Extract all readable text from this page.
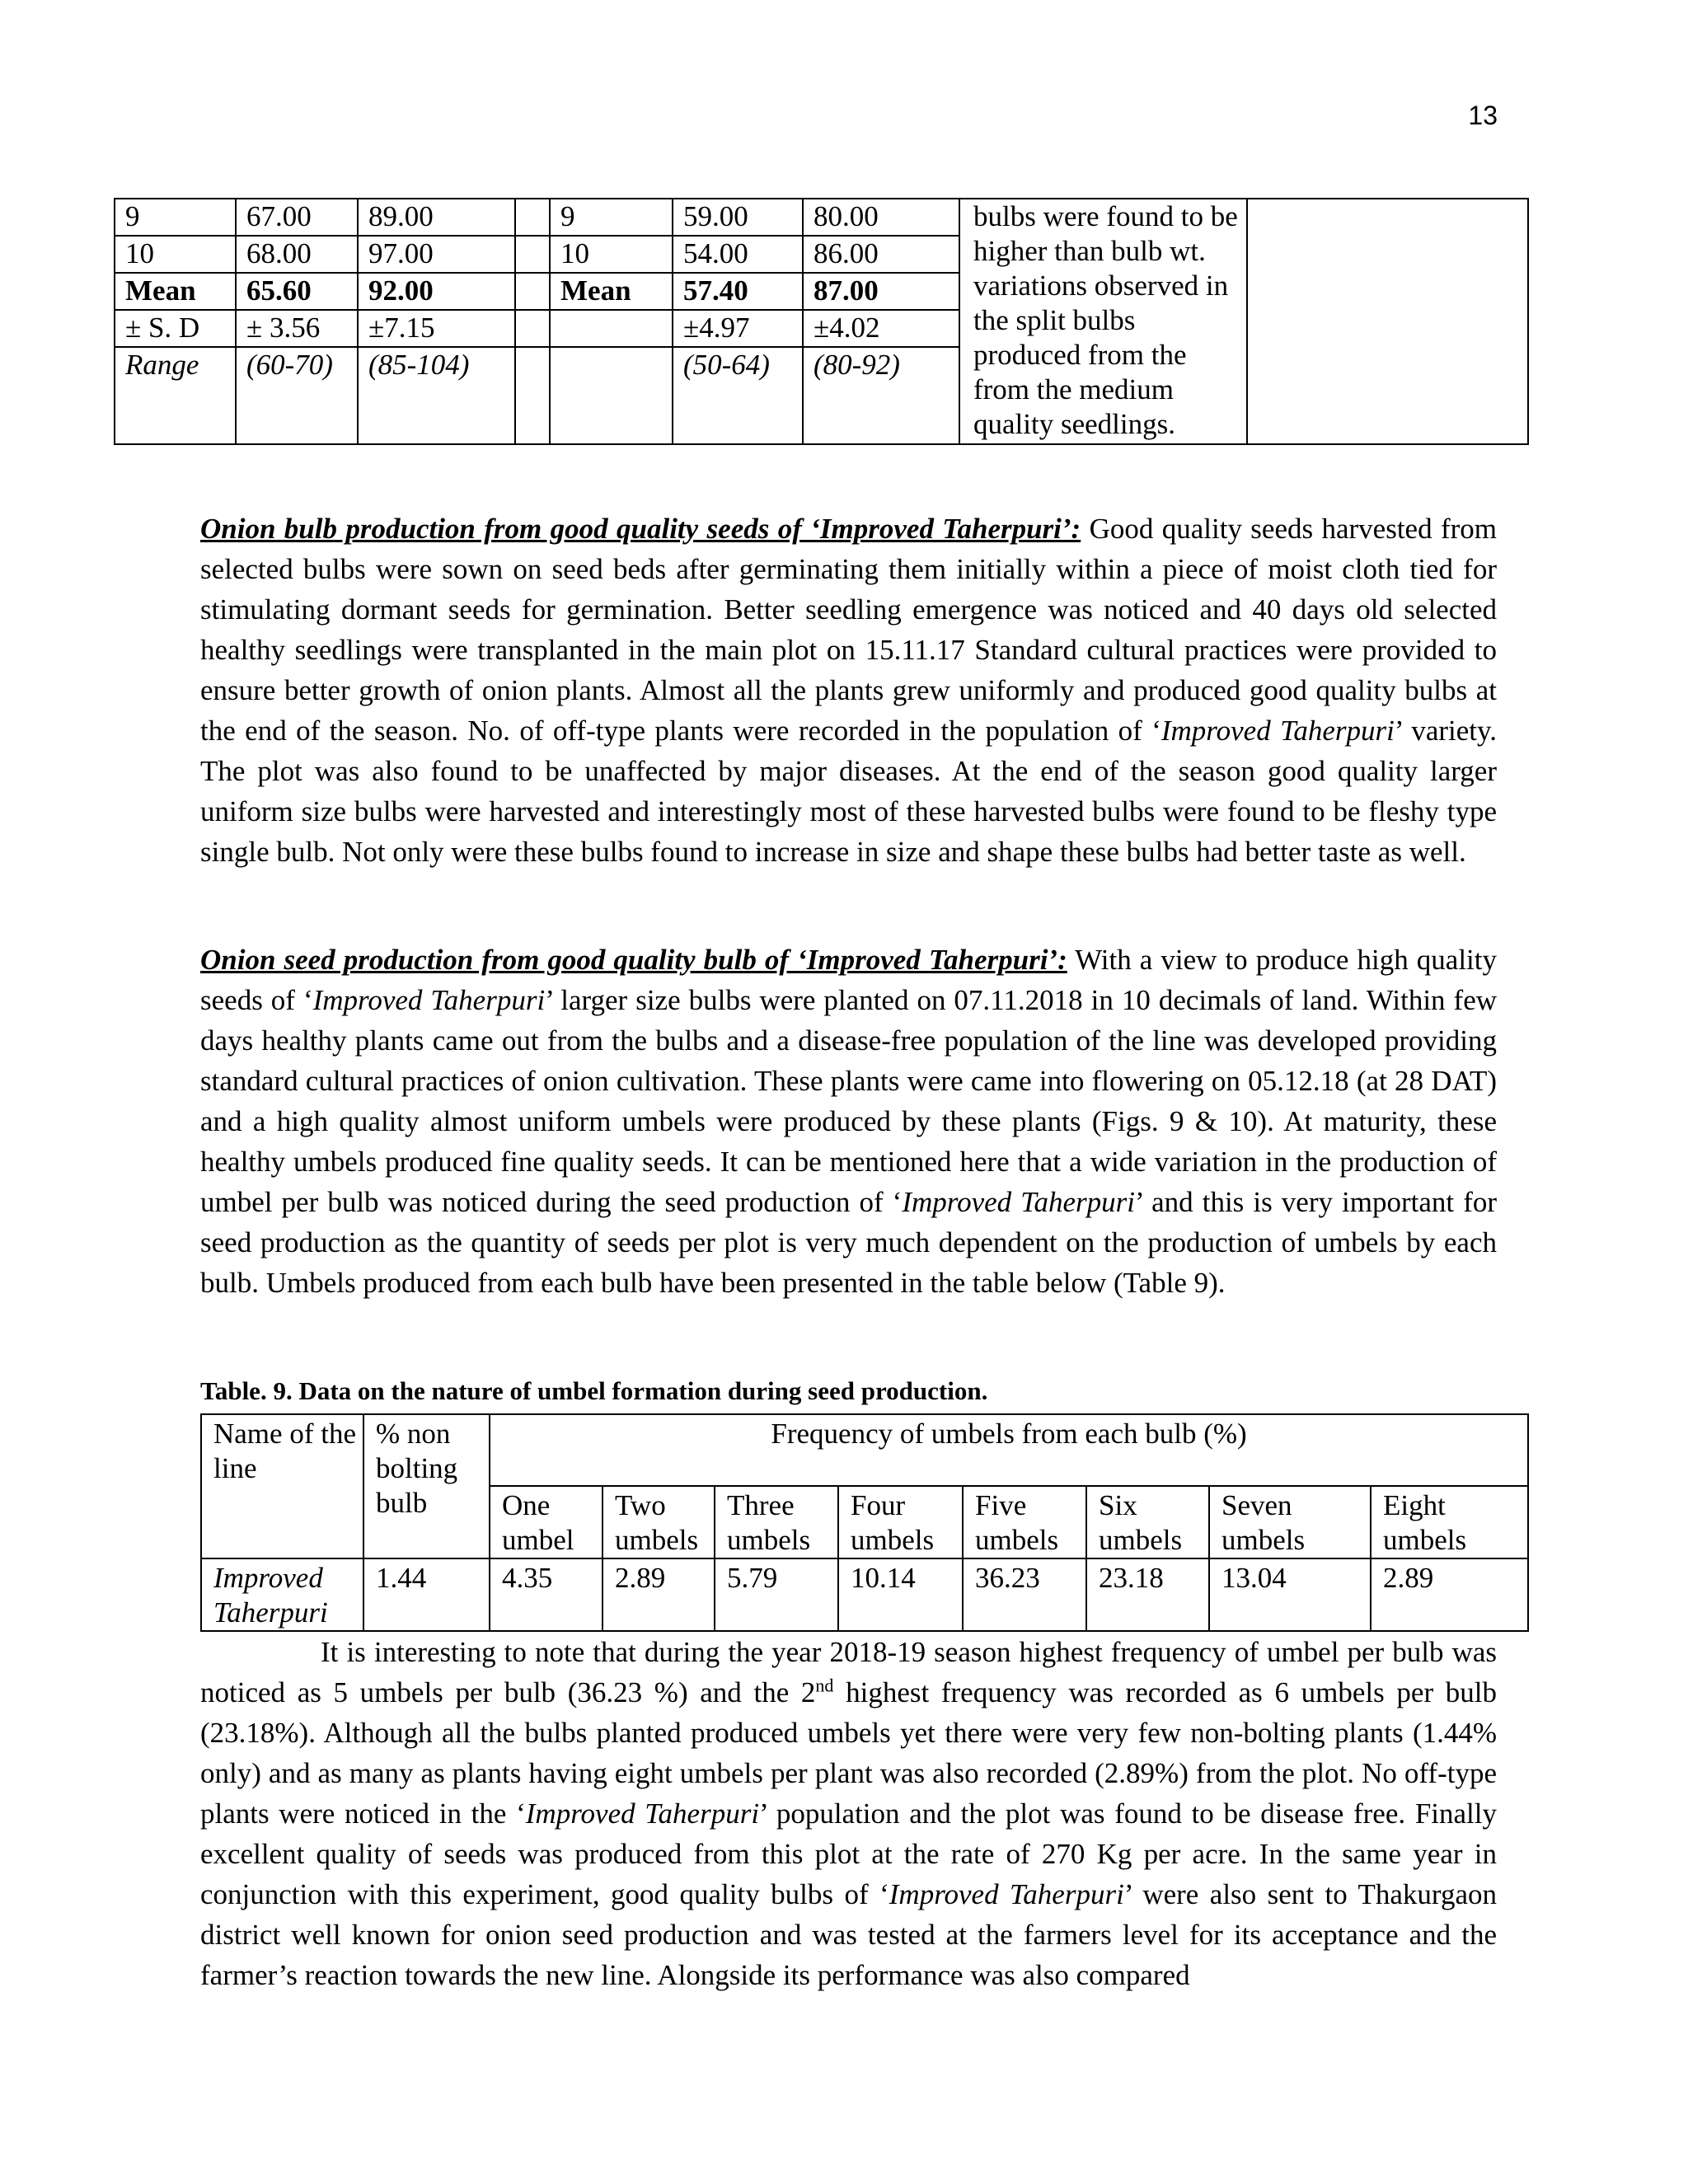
13
9	67.00	89.00		9	59.00	80.00	bulbs were found to be higher than bulb wt. variations observed in the split bulbs produced from the from the medium quality seedlings.	
10	68.00	97.00		10	54.00	86.00		
Mean	65.60	92.00		Mean	57.40	87.00		
± S. D	± 3.56	±7.15			±4.97	±4.02		
Range	(60-70)	(85-104)			(50-64)	(80-92)		

Onion bulb production from good quality seeds of ‘Improved Taherpuri’: Good quality seeds harvested from selected bulbs were sown on seed beds after germinating them initially within a piece of moist cloth tied for stimulating dormant seeds for germination. Better seedling emergence was noticed and 40 days old selected healthy seedlings were transplanted in the main plot on 15.11.17 Standard cultural practices were provided to ensure better growth of onion plants. Almost all the plants grew uniformly and produced good quality bulbs at the end of the season. No. of off-type plants were recorded in the population of ‘Improved Taherpuri’ variety. The plot was also found to be unaffected by major diseases. At the end of the season good quality larger uniform size bulbs were harvested and interestingly most of these harvested bulbs were found to be fleshy type single bulb. Not only were these bulbs found to increase in size and shape these bulbs had better taste as well.

Onion seed production from good quality bulb of ‘Improved Taherpuri’: With a view to produce high quality seeds of ‘Improved Taherpuri’ larger size bulbs were planted on 07.11.2018 in 10 decimals of land. Within few days healthy plants came out from the bulbs and a disease-free population of the line was developed providing standard cultural practices of onion cultivation. These plants were came into flowering on 05.12.18 (at 28 DAT) and a high quality almost uniform umbels were produced by these plants (Figs. 9 & 10). At maturity, these healthy umbels produced fine quality seeds. It can be mentioned here that a wide variation in the production of umbel per bulb was noticed during the seed production of ‘Improved Taherpuri’ and this is very important for seed production as the quantity of seeds per plot is very much dependent on the production of umbels by each bulb. Umbels produced from each bulb have been presented in the table below (Table 9).

Table. 9. Data on the nature of umbel formation during seed production.
Name of the line	% non bolting bulb	Frequency of umbels from each bulb (%)							
		One umbel	Two umbels	Three umbels	Four umbels	Five umbels	Six umbels	Seven umbels	Eight umbels
Improved Taherpuri	1.44	4.35	2.89	5.79	10.14	36.23	23.18	13.04	2.89

It is interesting to note that during the year 2018-19 season highest frequency of umbel per bulb was noticed as 5 umbels per bulb (36.23 %) and the 2nd highest frequency was recorded as 6 umbels per bulb (23.18%). Although all the bulbs planted produced umbels yet there were very few non-bolting plants (1.44% only) and as many as plants having eight umbels per plant was also recorded (2.89%) from the plot. No off-type plants were noticed in the ‘Improved Taherpuri’ population and the plot was found to be disease free. Finally excellent quality of seeds was produced from this plot at the rate of 270 Kg per acre. In the same year in conjunction with this experiment, good quality bulbs of ‘Improved Taherpuri’ were also sent to Thakurgaon district well known for onion seed production and was tested at the farmers level for its acceptance and the farmer’s reaction towards the new line. Alongside its performance was also compared
